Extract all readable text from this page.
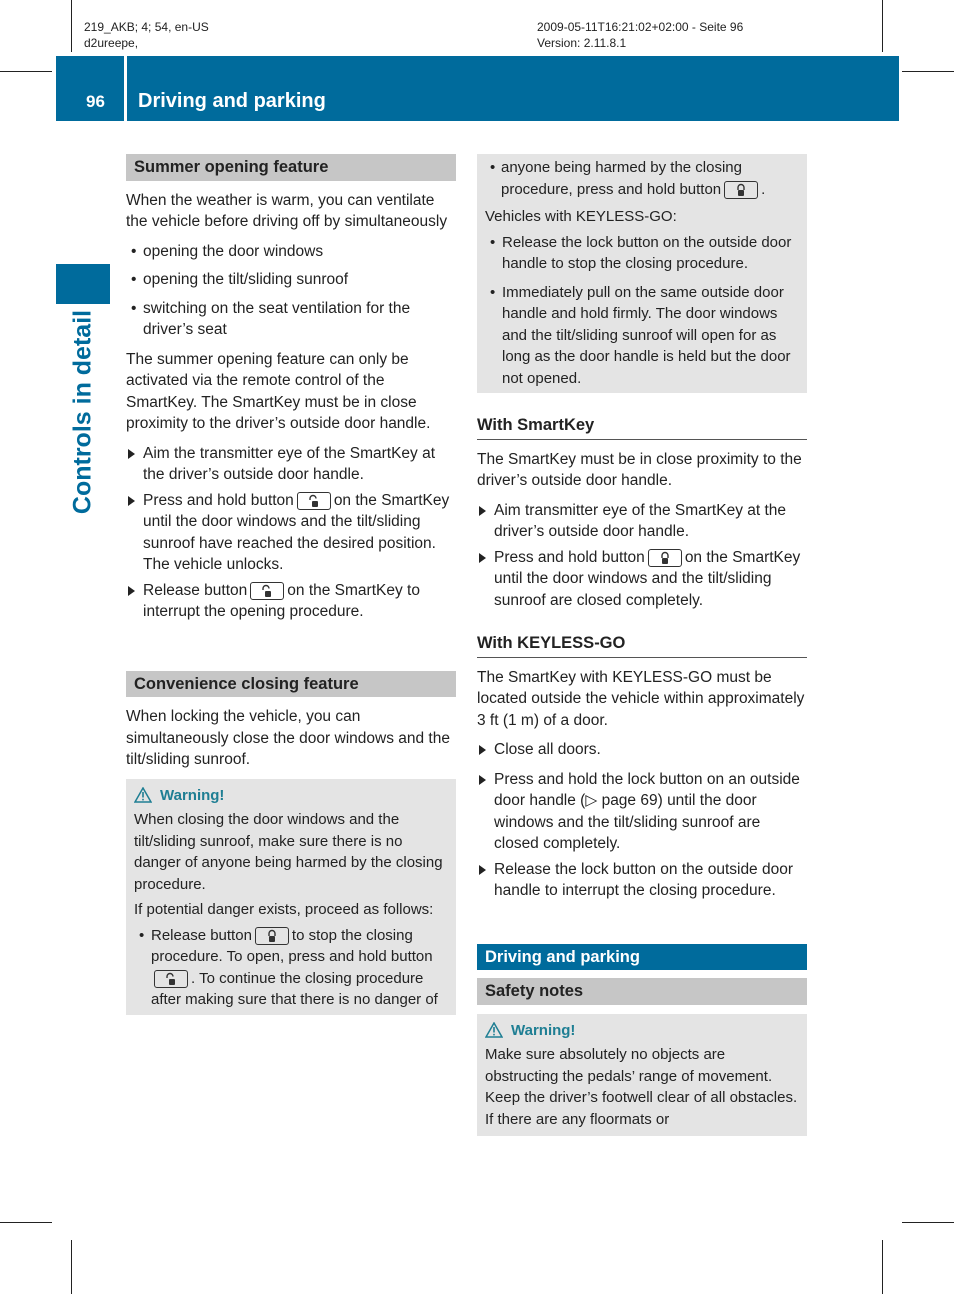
219_AKB; 4; 54, en-US
d2ureepe,
2009-05-11T16:21:02+02:00 - Seite 96
Version: 2.11.8.1
96 Driving and parking
Controls in detail
Summer opening feature

When the weather is warm, you can ventilate the vehicle before driving off by simultaneously

• opening the door windows
• opening the tilt/sliding sunroof
• switching on the seat ventilation for the driver’s seat

The summer opening feature can only be activated via the remote control of the SmartKey. The SmartKey must be in close proximity to the driver’s outside door handle.

Aim the transmitter eye of the SmartKey at the driver’s outside door handle.
Press and hold button	on the SmartKey until the door windows and the tilt/sliding sunroof have reached the desired position.
The vehicle unlocks.
Release button	on the SmartKey to interrupt the opening procedure.
Convenience closing feature

When locking the vehicle, you can simultaneously close the door windows and the tilt/sliding sunroof.

Warning!

When closing the door windows and the tilt/sliding sunroof, make sure there is no danger of anyone being harmed by the closing procedure.

If potential danger exists, proceed as follows:

• Release button	to stop the closing procedure. To open, press and hold button
. To continue the closing procedure after making sure that there is no danger of
• anyone being harmed by the closing procedure, press and hold button	.

Vehicles with KEYLESS-GO:

• Release the lock button on the outside door handle to stop the closing procedure.
• Immediately pull on the same outside door handle and hold firmly. The door windows and the tilt/sliding sunroof will open for as long as the door handle is held but the door not opened.
With SmartKey

The SmartKey must be in close proximity to the driver’s outside door handle.

Aim transmitter eye of the SmartKey at the driver’s outside door handle.
Press and hold button	on the SmartKey until the door windows and the tilt/sliding sunroof are closed completely.
With KEYLESS-GO

The SmartKey with KEYLESS-GO must be located outside the vehicle within approximately 3 ft (1 m) of a door.

Close all doors.
Press and hold the lock button on an outside door handle (▷ page 69) until the door windows and the tilt/sliding sunroof are closed completely.
Release the lock button on the outside door handle to interrupt the closing procedure.
Driving and parking
Safety notes
Warning!

Make sure absolutely no objects are obstructing the pedals’ range of movement. Keep the driver’s footwell clear of all obstacles. If there are any floormats or
